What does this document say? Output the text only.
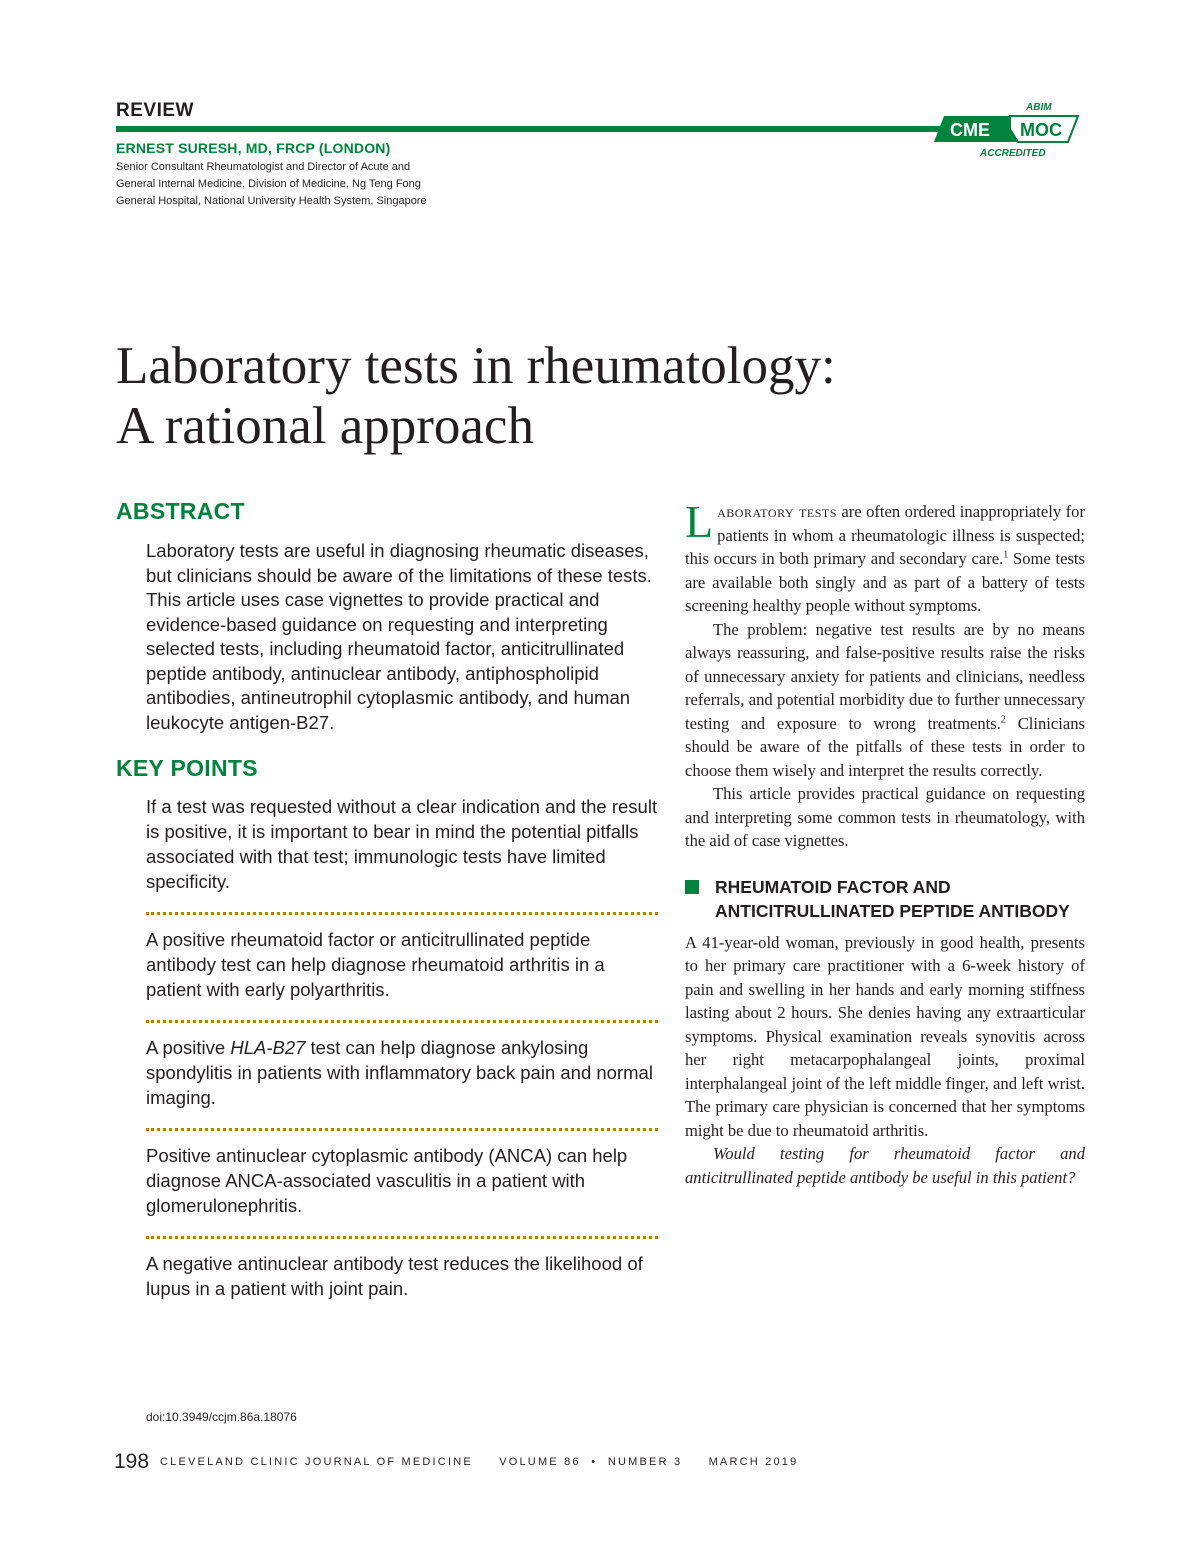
REVIEW
ERNEST SURESH, MD, FRCP (LONDON)
Senior Consultant Rheumatologist and Director of Acute and General Internal Medicine, Division of Medicine, Ng Teng Fong General Hospital, National University Health System, Singapore
ABIM
CME MOC
ACCREDITED
Laboratory tests in rheumatology:
A rational approach
ABSTRACT

Laboratory tests are useful in diagnosing rheumatic diseases, but clinicians should be aware of the limitations of these tests. This article uses case vignettes to provide practical and evidence-based guidance on requesting and interpreting selected tests, including rheumatoid factor, anticitrullinated peptide antibody, antinuclear antibody, antiphospholipid antibodies, antineutrophil cytoplasmic antibody, and human leukocyte antigen-B27.

KEY POINTS
If a test was requested without a clear indication and the result is positive, it is important to bear in mind the potential pitfalls associated with that test; immunologic tests have limited specificity.
A positive rheumatoid factor or anticitrullinated peptide antibody test can help diagnose rheumatoid arthritis in a patient with early polyarthritis.
A positive HLA-B27 test can help diagnose ankylosing spondylitis in patients with inflammatory back pain and normal imaging.
Positive antinuclear cytoplasmic antibody (ANCA) can help diagnose ANCA-associated vasculitis in a patient with glomerulonephritis.
A negative antinuclear antibody test reduces the likelihood of lupus in a patient with joint pain.
doi:10.3949/ccjm.86a.18076

Laboratory tests are often ordered inappropriately for patients in whom a rheumatologic illness is suspected; this occurs in both primary and secondary care.$^1$ Some tests are available both singly and as part of a battery of tests screening healthy people without symptoms.

The problem: negative test results are by no means always reassuring, and false-positive results raise the risks of unnecessary anxiety for patients and clinicians, needless referrals, and potential morbidity due to further unnecessary testing and exposure to wrong treatments.$^2$ Clinicians should be aware of the pitfalls of these tests in order to choose them wisely and interpret the results correctly.

This article provides practical guidance on requesting and interpreting some common tests in rheumatology, with the aid of case vignettes.

RHEUMATOID FACTOR AND
ANTICITRULLINATED PEPTIDE ANTIBODY

A 41-year-old woman, previously in good health, presents to her primary care practitioner with a 6-week history of pain and swelling in her hands and early morning stiffness lasting about 2 hours. She denies having any extraarticular symptoms. Physical examination reveals synovitis across her right metacarpophalangeal joints, proximal interphalangeal joint of the left middle finger, and left wrist. The primary care physician is concerned that her symptoms might be due to rheumatoid arthritis.

Would testing for rheumatoid factor and anticitrullinated peptide antibody be useful in this patient?

198 CLEVELAND CLINIC JOURNAL OF MEDICINE VOLUME 86 • NUMBER 3 MARCH 2019
